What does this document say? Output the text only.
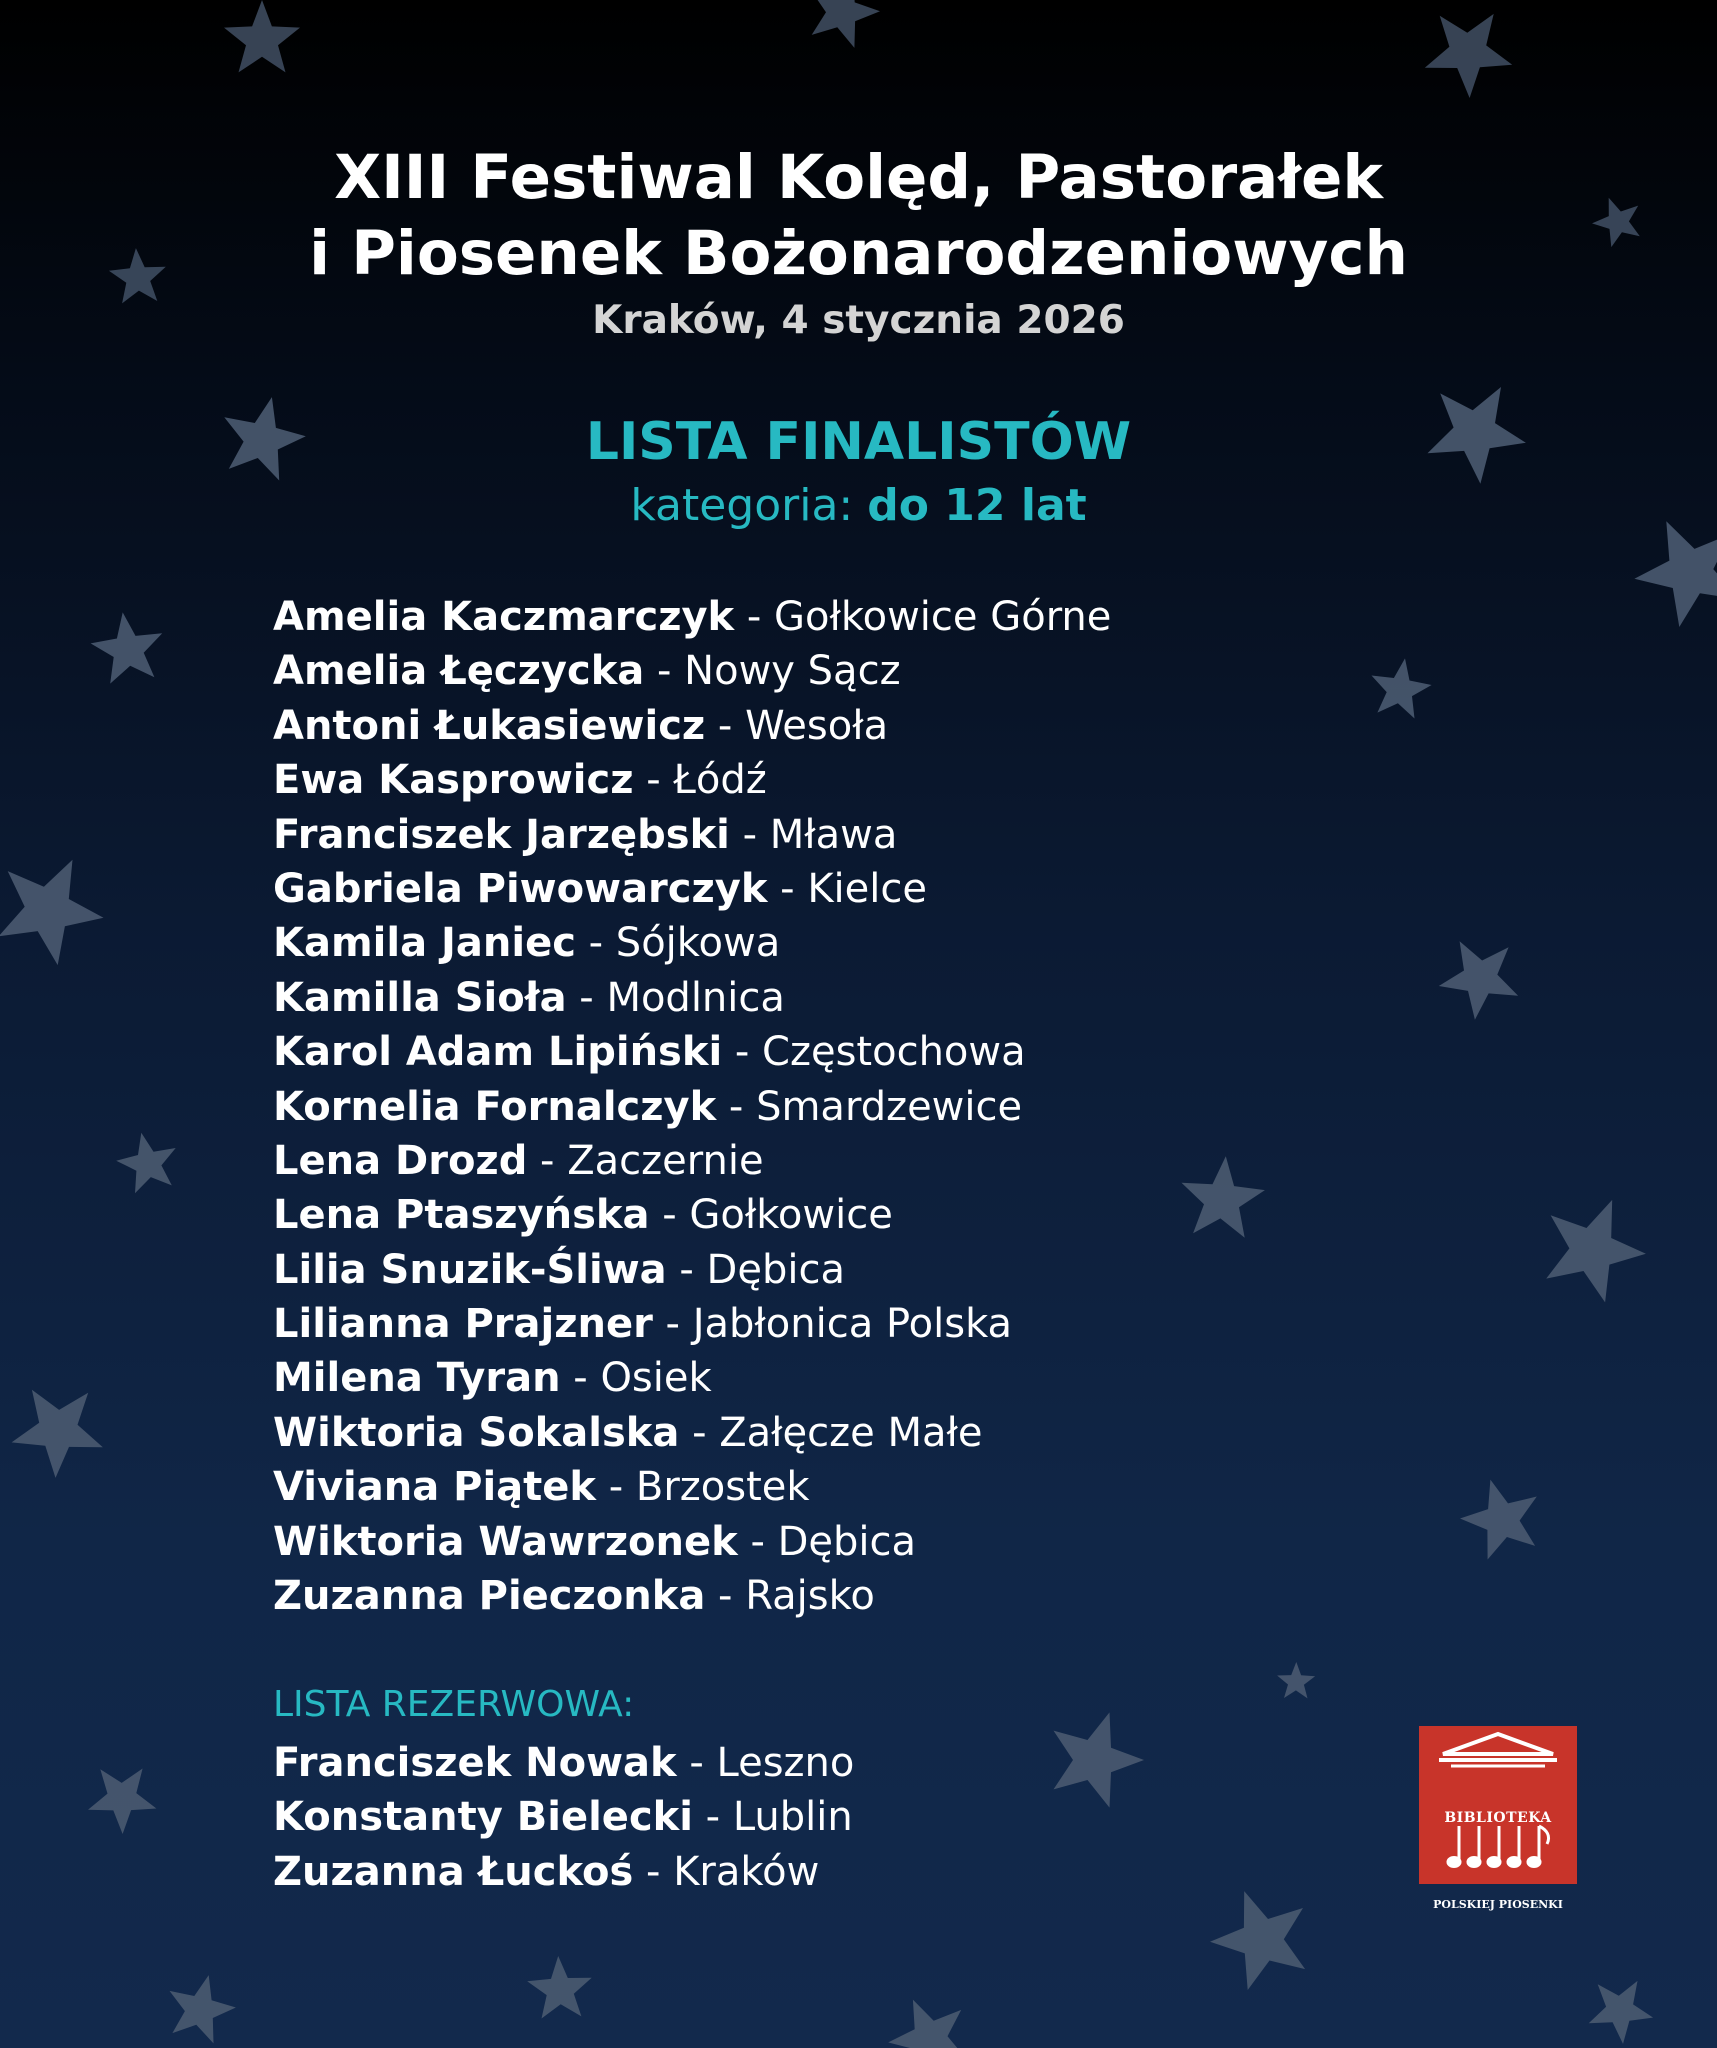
XIII Festiwal Kolęd, Pastorałek
i Piosenek Bożonarodzeniowych
Kraków, 4 stycznia 2026
LISTA FINALISTÓW
kategoria: do 12 lat
Amelia Kaczmarczyk - Gołkowice Górne
Amelia Łęczycka - Nowy Sącz
Antoni Łukasiewicz - Wesoła
Ewa Kasprowicz - Łódź
Franciszek Jarzębski - Mława
Gabriela Piwowarczyk - Kielce
Kamila Janiec - Sójkowa
Kamilla Sioła - Modlnica
Karol Adam Lipiński - Częstochowa
Kornelia Fornalczyk - Smardzewice
Lena Drozd - Zaczernie
Lena Ptaszyńska - Gołkowice
Lilia Snuzik-Śliwa - Dębica
Lilianna Prajzner - Jabłonica Polska
Milena Tyran - Osiek
Wiktoria Sokalska - Załęcze Małe
Viviana Piątek - Brzostek
Wiktoria Wawrzonek - Dębica
Zuzanna Pieczonka - Rajsko
LISTA REZERWOWA:
Franciszek Nowak - Leszno
Konstanty Bielecki - Lublin
Zuzanna Łuckoś - Kraków
BIBLIOTEKA
POLSKIEJ PIOSENKI
